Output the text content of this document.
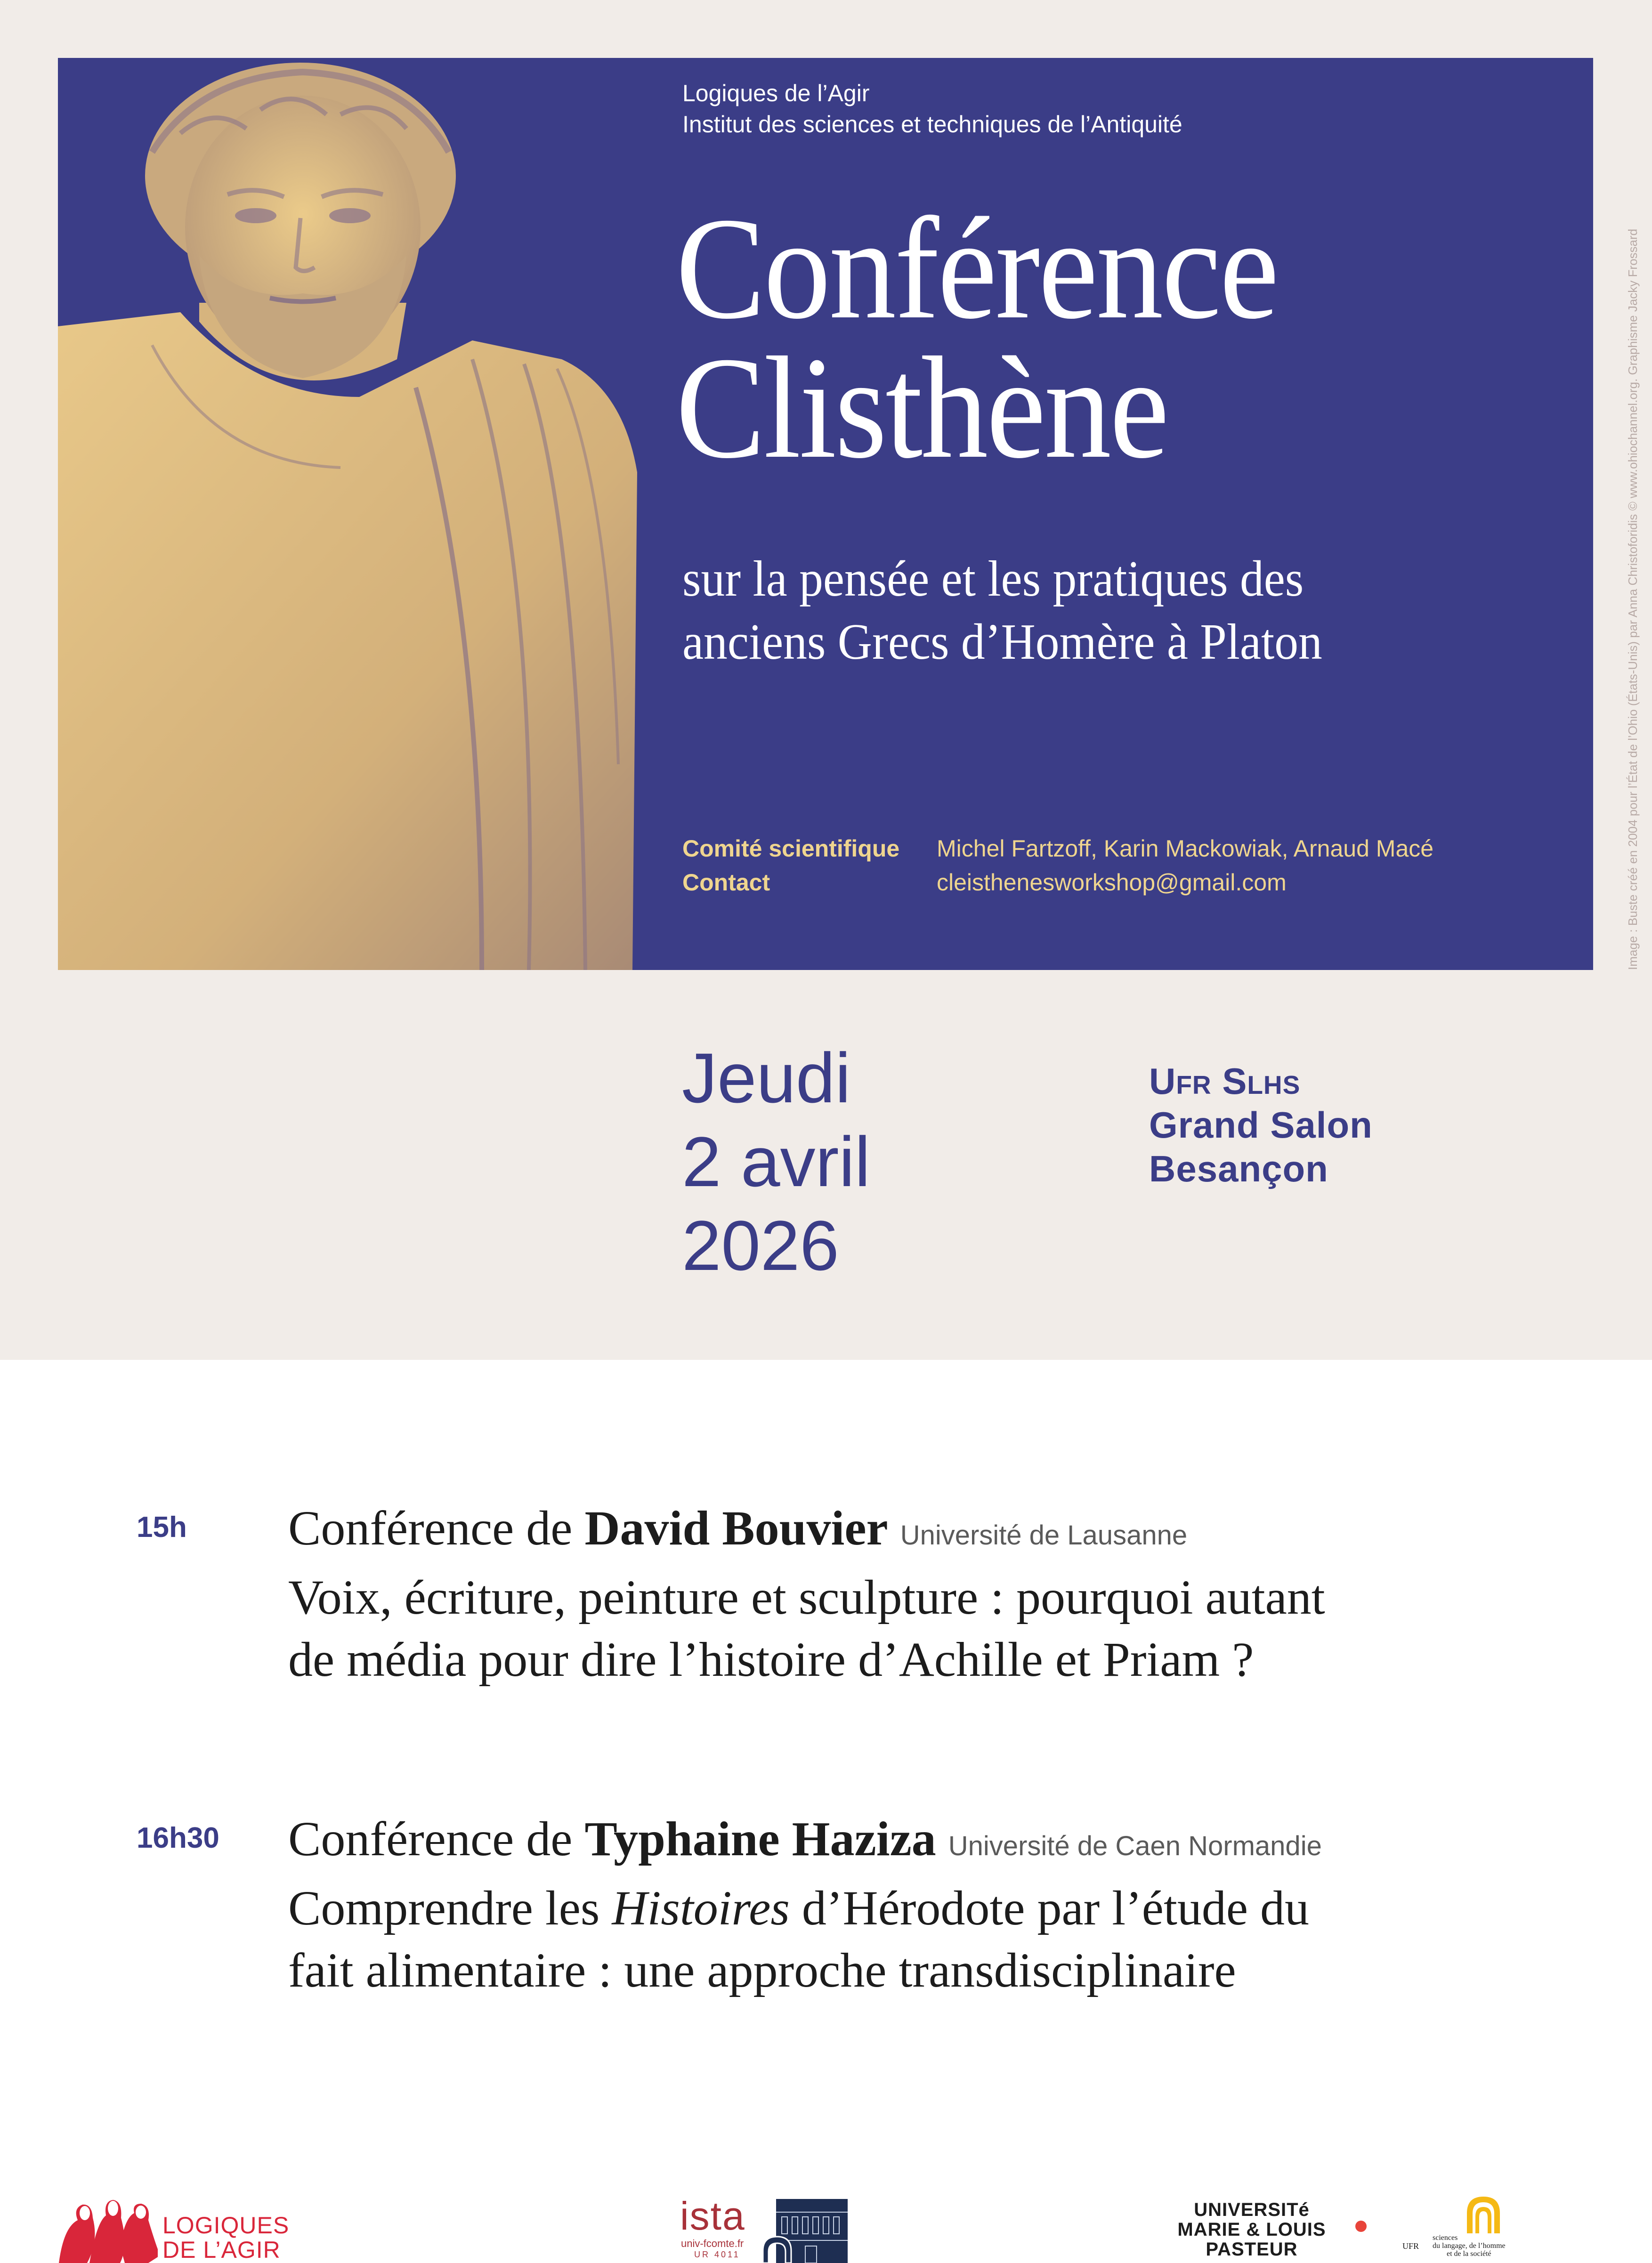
Logiques de l’Agir
Institut des sciences et techniques de l’Antiquité
Conférence
Clisthène
sur la pensée et les pratiques des
anciens Grecs d’Homère à Platon
Comité scientifique	Michel Fartzoff, Karin Mackowiak, Arnaud Macé
Contact	cleisthenesworkshop@gmail.com	Image : Buste créé en 2004 pour l’État de l’Ohio (États-Unis) par Anna Christoforidis © www.ohiochannel.org. Graphisme Jacky Frossard
Jeudi
2 avril
2026
Ufr Slhs
Grand Salon
Besançon
15h Conférence de David Bouvier Université de Lausanne
Voix, écriture, peinture et sculpture : pourquoi autant
de média pour dire l’histoire d’Achille et Priam ?
16h30 Conférence de Typhaine Haziza Université de Caen Normandie
Comprendre les Histoires d’Hérodote par l’étude du
fait alimentaire : une approche transdisciplinaire
LOGIQUES
DE L’AGIR
ista
univ-fcomte.fr
UR 4011
UNIVERSITé
MARIE & LOUIS
PASTEUR	UFR
sciences
du langage, de l’homme
et de la société
